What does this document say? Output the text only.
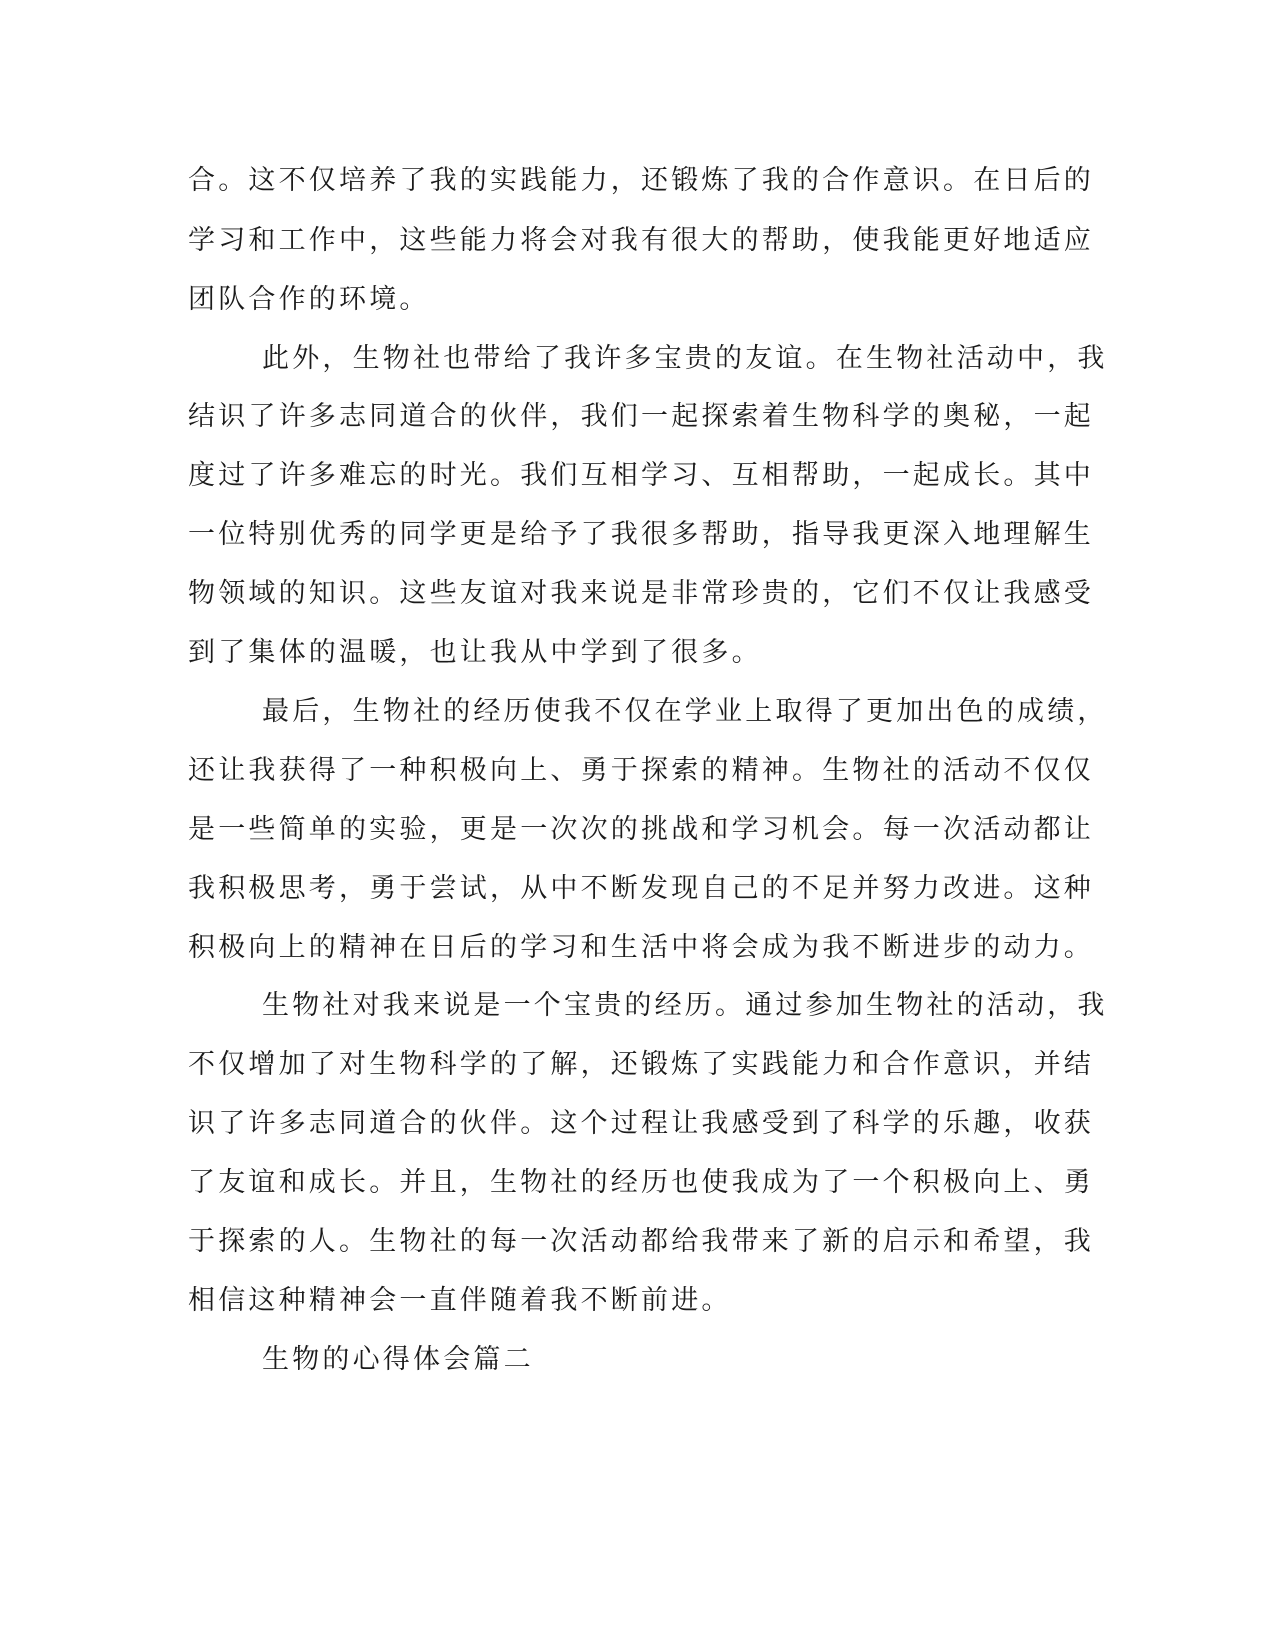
合。这不仅培养了我的实践能力，还锻炼了我的合作意识。在日后的
学习和工作中，这些能力将会对我有很大的帮助，使我能更好地适应
团队合作的环境。
此外，生物社也带给了我许多宝贵的友谊。在生物社活动中，我
结识了许多志同道合的伙伴，我们一起探索着生物科学的奥秘，一起
度过了许多难忘的时光。我们互相学习、互相帮助，一起成长。其中
一位特别优秀的同学更是给予了我很多帮助，指导我更深入地理解生
物领域的知识。这些友谊对我来说是非常珍贵的，它们不仅让我感受
到了集体的温暖，也让我从中学到了很多。
最后，生物社的经历使我不仅在学业上取得了更加出色的成绩，
还让我获得了一种积极向上、勇于探索的精神。生物社的活动不仅仅
是一些简单的实验，更是一次次的挑战和学习机会。每一次活动都让
我积极思考，勇于尝试，从中不断发现自己的不足并努力改进。这种
积极向上的精神在日后的学习和生活中将会成为我不断进步的动力。
生物社对我来说是一个宝贵的经历。通过参加生物社的活动，我
不仅增加了对生物科学的了解，还锻炼了实践能力和合作意识，并结
识了许多志同道合的伙伴。这个过程让我感受到了科学的乐趣，收获
了友谊和成长。并且，生物社的经历也使我成为了一个积极向上、勇
于探索的人。生物社的每一次活动都给我带来了新的启示和希望，我
相信这种精神会一直伴随着我不断前进。
生物的心得体会篇二
